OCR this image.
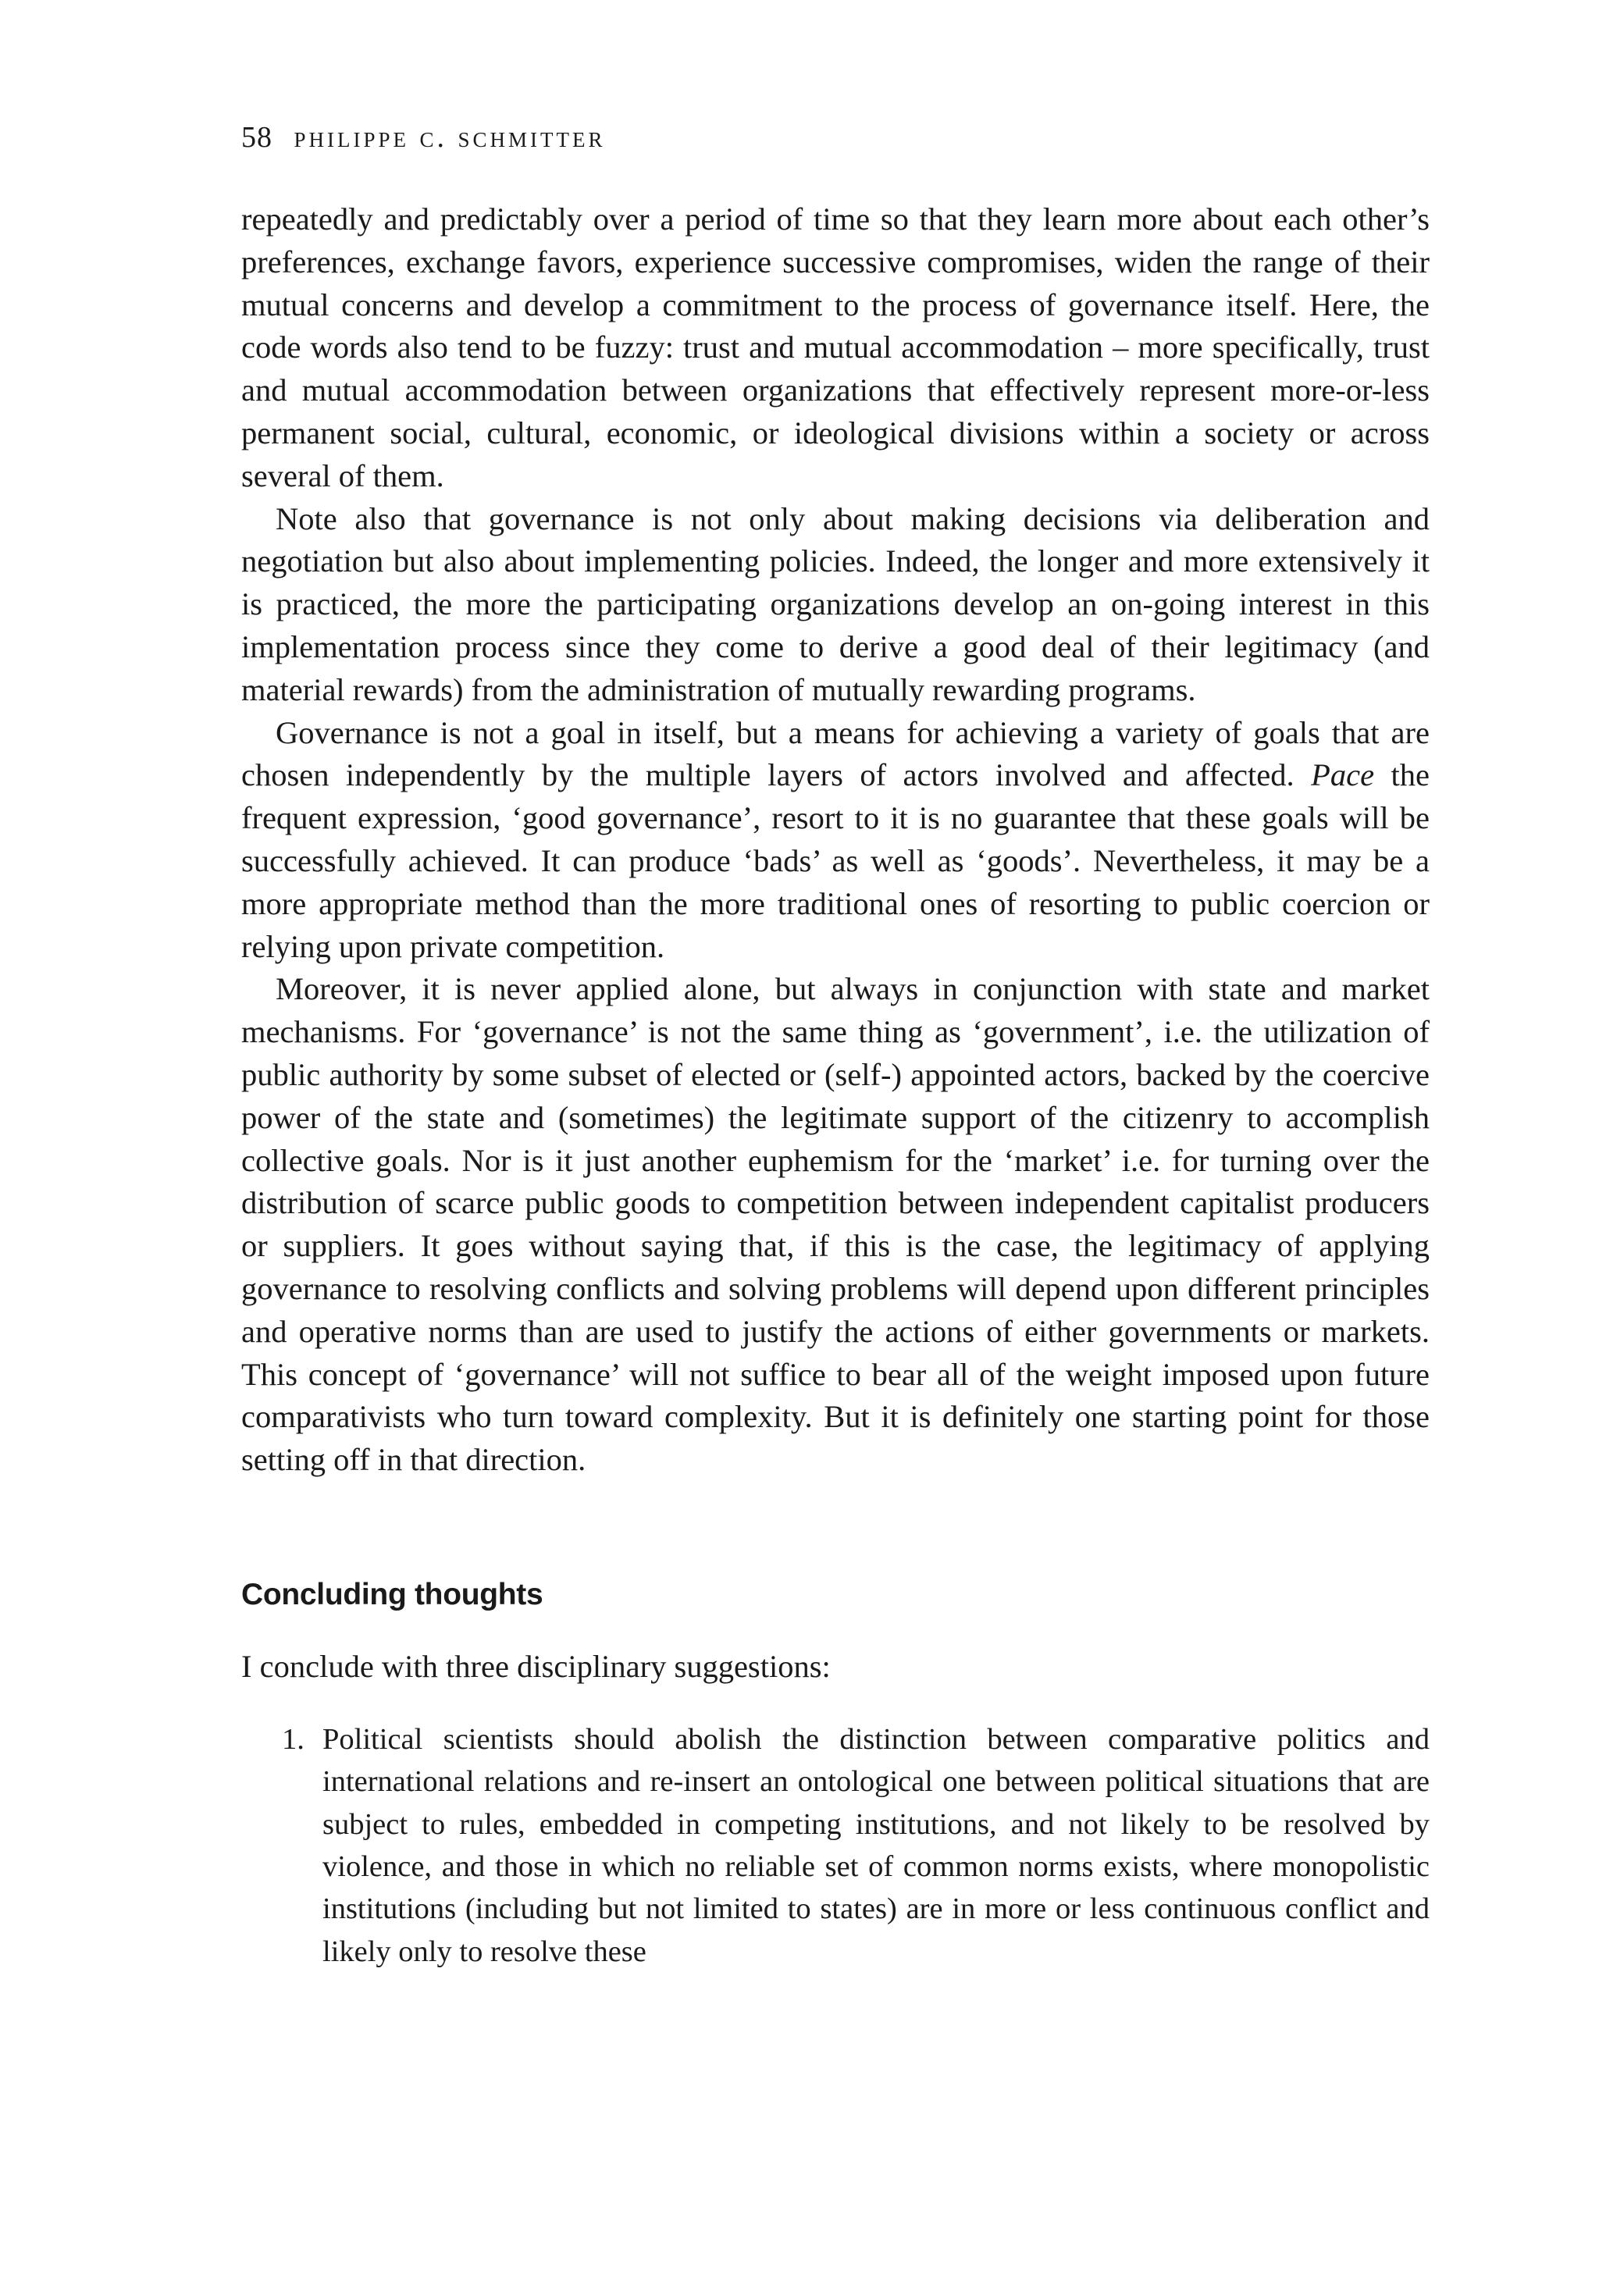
58 philippe c. schmitter

repeatedly and predictably over a period of time so that they learn more about each other’s preferences, exchange favors, experience successive compromises, widen the range of their mutual concerns and develop a commitment to the process of governance itself. Here, the code words also tend to be fuzzy: trust and mutual accommodation – more specifically, trust and mutual accommodation between organizations that effectively represent more-or-less permanent social, cultural, economic, or ideological divisions within a society or across several of them.

Note also that governance is not only about making decisions via deliberation and negotiation but also about implementing policies. Indeed, the longer and more extensively it is practiced, the more the participating organizations develop an on-going interest in this implementation process since they come to derive a good deal of their legitimacy (and material rewards) from the administration of mutually rewarding programs.

Governance is not a goal in itself, but a means for achieving a variety of goals that are chosen independently by the multiple layers of actors involved and affected. Pace the frequent expression, ‘good governance’, resort to it is no guarantee that these goals will be successfully achieved. It can produce ‘bads’ as well as ‘goods’. Nevertheless, it may be a more appropriate method than the more traditional ones of resorting to public coercion or relying upon private competition.

Moreover, it is never applied alone, but always in conjunction with state and market mechanisms. For ‘governance’ is not the same thing as ‘government’, i.e. the utilization of public authority by some subset of elected or (self-) appointed actors, backed by the coercive power of the state and (sometimes) the legitimate support of the citizenry to accomplish collective goals. Nor is it just another euphemism for the ‘market’ i.e. for turning over the distribution of scarce public goods to competition between independent capitalist producers or suppliers. It goes without saying that, if this is the case, the legitimacy of applying governance to resolving conflicts and solving problems will depend upon different principles and operative norms than are used to justify the actions of either governments or markets. This concept of ‘governance’ will not suffice to bear all of the weight imposed upon future comparativists who turn toward complexity. But it is definitely one starting point for those setting off in that direction.

Concluding thoughts

I conclude with three disciplinary suggestions:

1. Political scientists should abolish the distinction between comparative politics and international relations and re-insert an ontological one between political situations that are subject to rules, embedded in competing institutions, and not likely to be resolved by violence, and those in which no reliable set of common norms exists, where monopolistic institutions (including but not limited to states) are in more or less continuous conflict and likely only to resolve these
